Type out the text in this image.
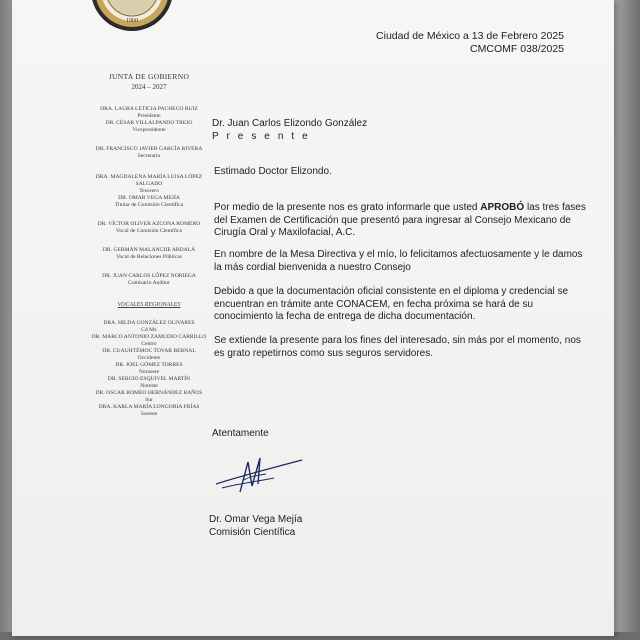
1960
Ciudad de México a 13 de Febrero 2025
CMCOMF 038/2025
JUNTA DE GOBIERNO
2024 – 2027
DRA. LAURA LETICIA PACHECO RUIZ
Presidente
DR. CÉSAR VILLALPANDO TREJO
Vicepresidente
DR. FRANCISCO JAVIER GARCÍA RIVERA
Secretario
DRA. MAGDALENA MARÍA LUISA LÓPEZ
SALGADO
Tesorero
DR. OMAR VEGA MEJÍA
Titular de Comisión Científica
DR. VÍCTOR OLIVER AZCONA ROMERO
Vocal de Comisión Científica
DR. GERMÁN MALANCHE ABDALÁ
Vocal de Relaciones Públicas
DR. JUAN CARLOS LÓPEZ NORIEGA
Comisario Auditor
VOCALES REGIONALES
DRA. HILDA GONZÁLEZ OLIVARES
Cd Mx
DR. MARCO ANTONIO ZAMUDIO CARRILLO
Centro
DR. CUAUHTÉMOC TOVAR BERNAL
Occidente
DR. JOEL GÓMEZ TORRES
Noroeste
DR. SERGIO ESQUIVEL MARTÍN
Noreste
DR. OSCAR ROMEO HERNÁNDEZ BAÑOS
Sur
DRA. KARLA MARÍA LONGORIA FRÍAS
Sureste

Dr. Juan Carlos Elizondo González

P r e s e n t e

Estimado Doctor Elizondo.

Por medio de la presente nos es grato informarle que usted APROBÓ las tres fases del Examen de Certificación que presentó para ingresar al Consejo Mexicano de Cirugía Oral y Maxilofacial, A.C.

En nombre de la Mesa Directiva y el mío, lo felicitamos afectuosamente y le damos la más cordial bienvenida a nuestro Consejo

Debido a que la documentación oficial consistente en el diploma y credencial se encuentran en trámite ante CONACEM, en fecha próxima se hará de su conocimiento la fecha de entrega de dicha documentación.

Se extiende la presente para los fines del interesado, sin más por el momento, nos es grato repetirnos como sus seguros servidores.

Atentamente

Dr. Omar Vega Mejía

Comisión Científica
